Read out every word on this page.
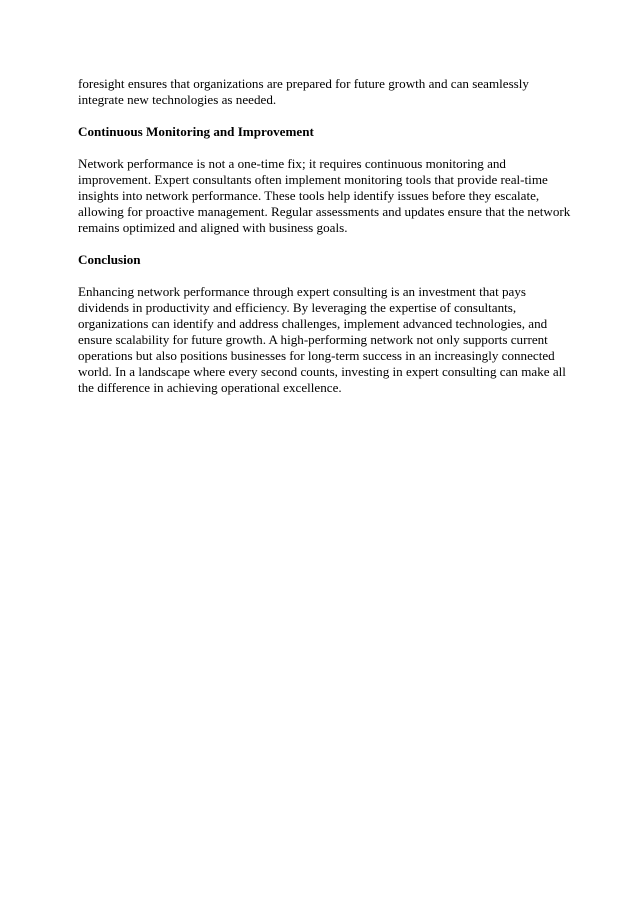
foresight ensures that organizations are prepared for future growth and can seamlessly
integrate new technologies as needed.

Continuous Monitoring and Improvement

Network performance is not a one-time fix; it requires continuous monitoring and
improvement. Expert consultants often implement monitoring tools that provide real-time
insights into network performance. These tools help identify issues before they escalate,
allowing for proactive management. Regular assessments and updates ensure that the network
remains optimized and aligned with business goals.

Conclusion

Enhancing network performance through expert consulting is an investment that pays
dividends in productivity and efficiency. By leveraging the expertise of consultants,
organizations can identify and address challenges, implement advanced technologies, and
ensure scalability for future growth. A high-performing network not only supports current
operations but also positions businesses for long-term success in an increasingly connected
world. In a landscape where every second counts, investing in expert consulting can make all
the difference in achieving operational excellence.
